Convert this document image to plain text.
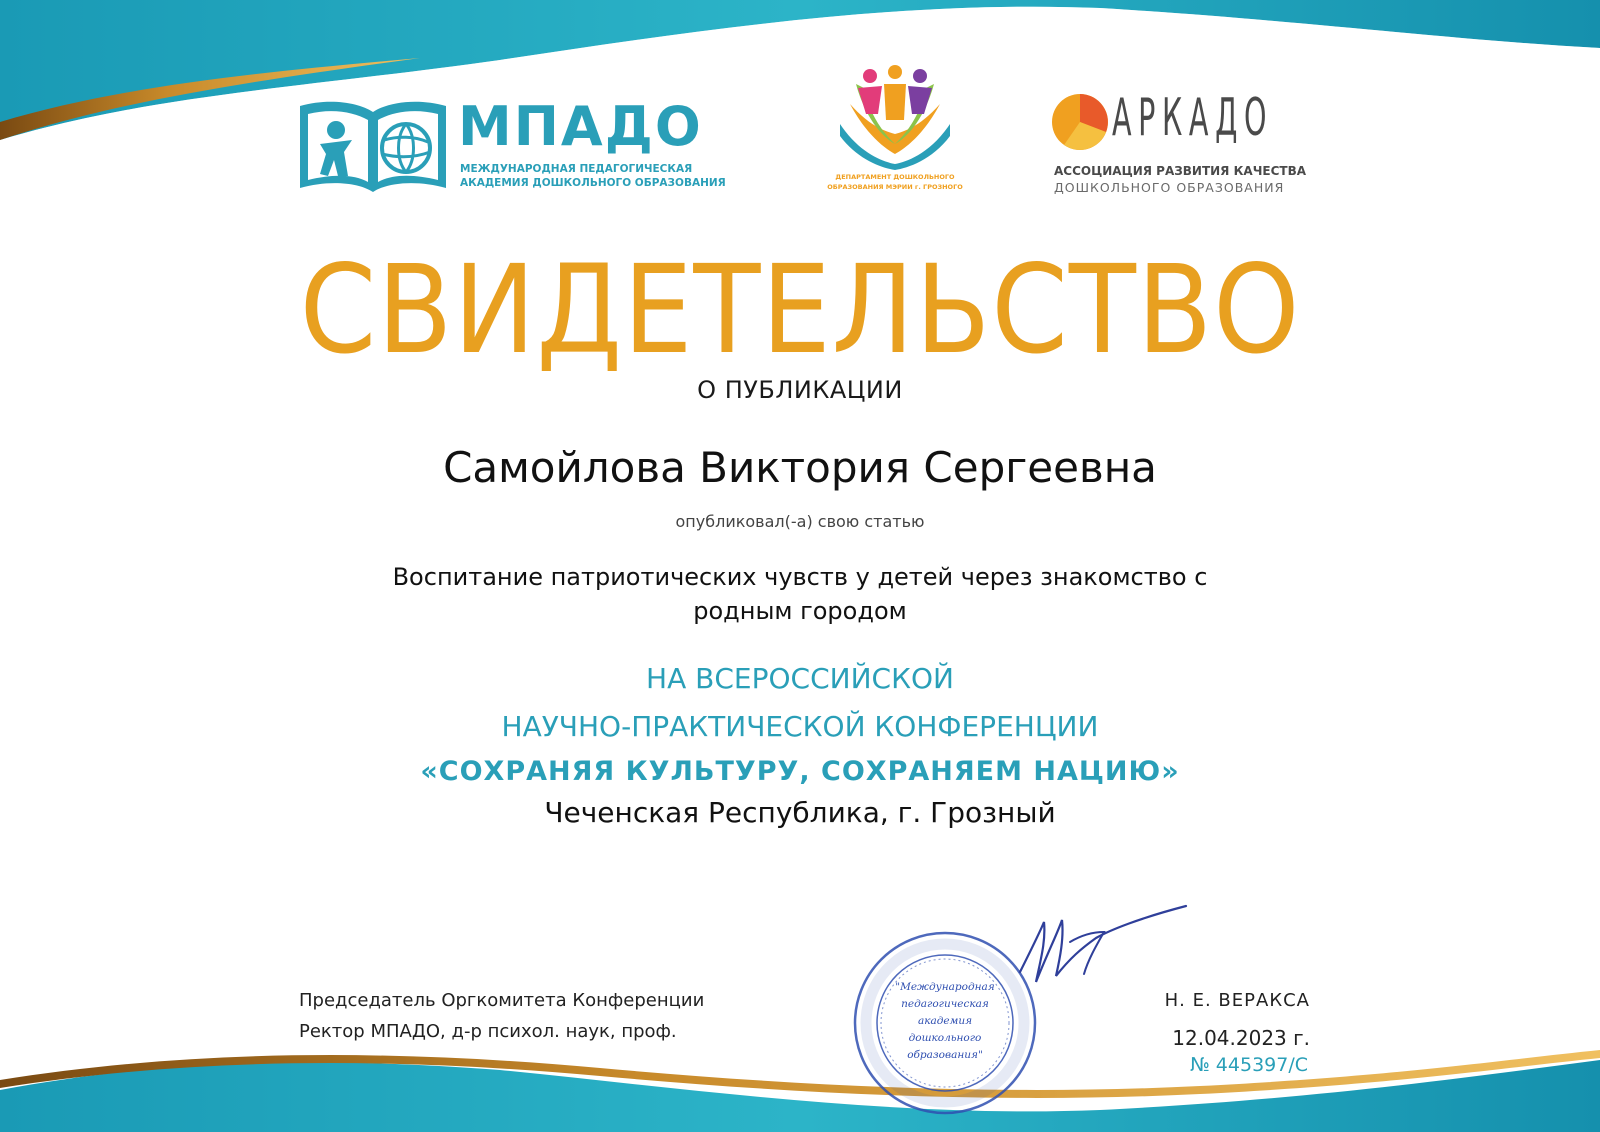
МПАДО
МЕЖДУНАРОДНАЯ ПЕДАГОГИЧЕСКАЯ
АКАДЕМИЯ ДОШКОЛЬНОГО ОБРАЗОВАНИЯ	ДЕПАРТАМЕНТ ДОШКОЛЬНОГО
ОБРАЗОВАНИЯ МЭРИИ г. ГРОЗНОГО
АРКАДО
АССОЦИАЦИЯ РАЗВИТИЯ КАЧЕСТВА
ДОШКОЛЬНОГО ОБРАЗОВАНИЯ
СВИДЕТЕЛЬСТВО
О ПУБЛИКАЦИИ
Самойлова Виктория Сергеевна
опубликовал(-а) свою статью
Воспитание патриотических чувств у детей через знакомство с
родным городом
НА ВСЕРОССИЙСКОЙ
НАУЧНО-ПРАКТИЧЕСКОЙ КОНФЕРЕНЦИИ
«СОХРАНЯЯ КУЛЬТУРУ, СОХРАНЯЕМ НАЦИЮ»
Чеченская Республика, г. Грозный
Председатель Оргкомитета Конференции
Ректор МПАДО, д-р психол. наук, проф.
"Международная
педагогическая
академия
дошкольного
образования"
Н. Е. ВЕРАКСА
12.04.2023 г.
№ 445397/С
